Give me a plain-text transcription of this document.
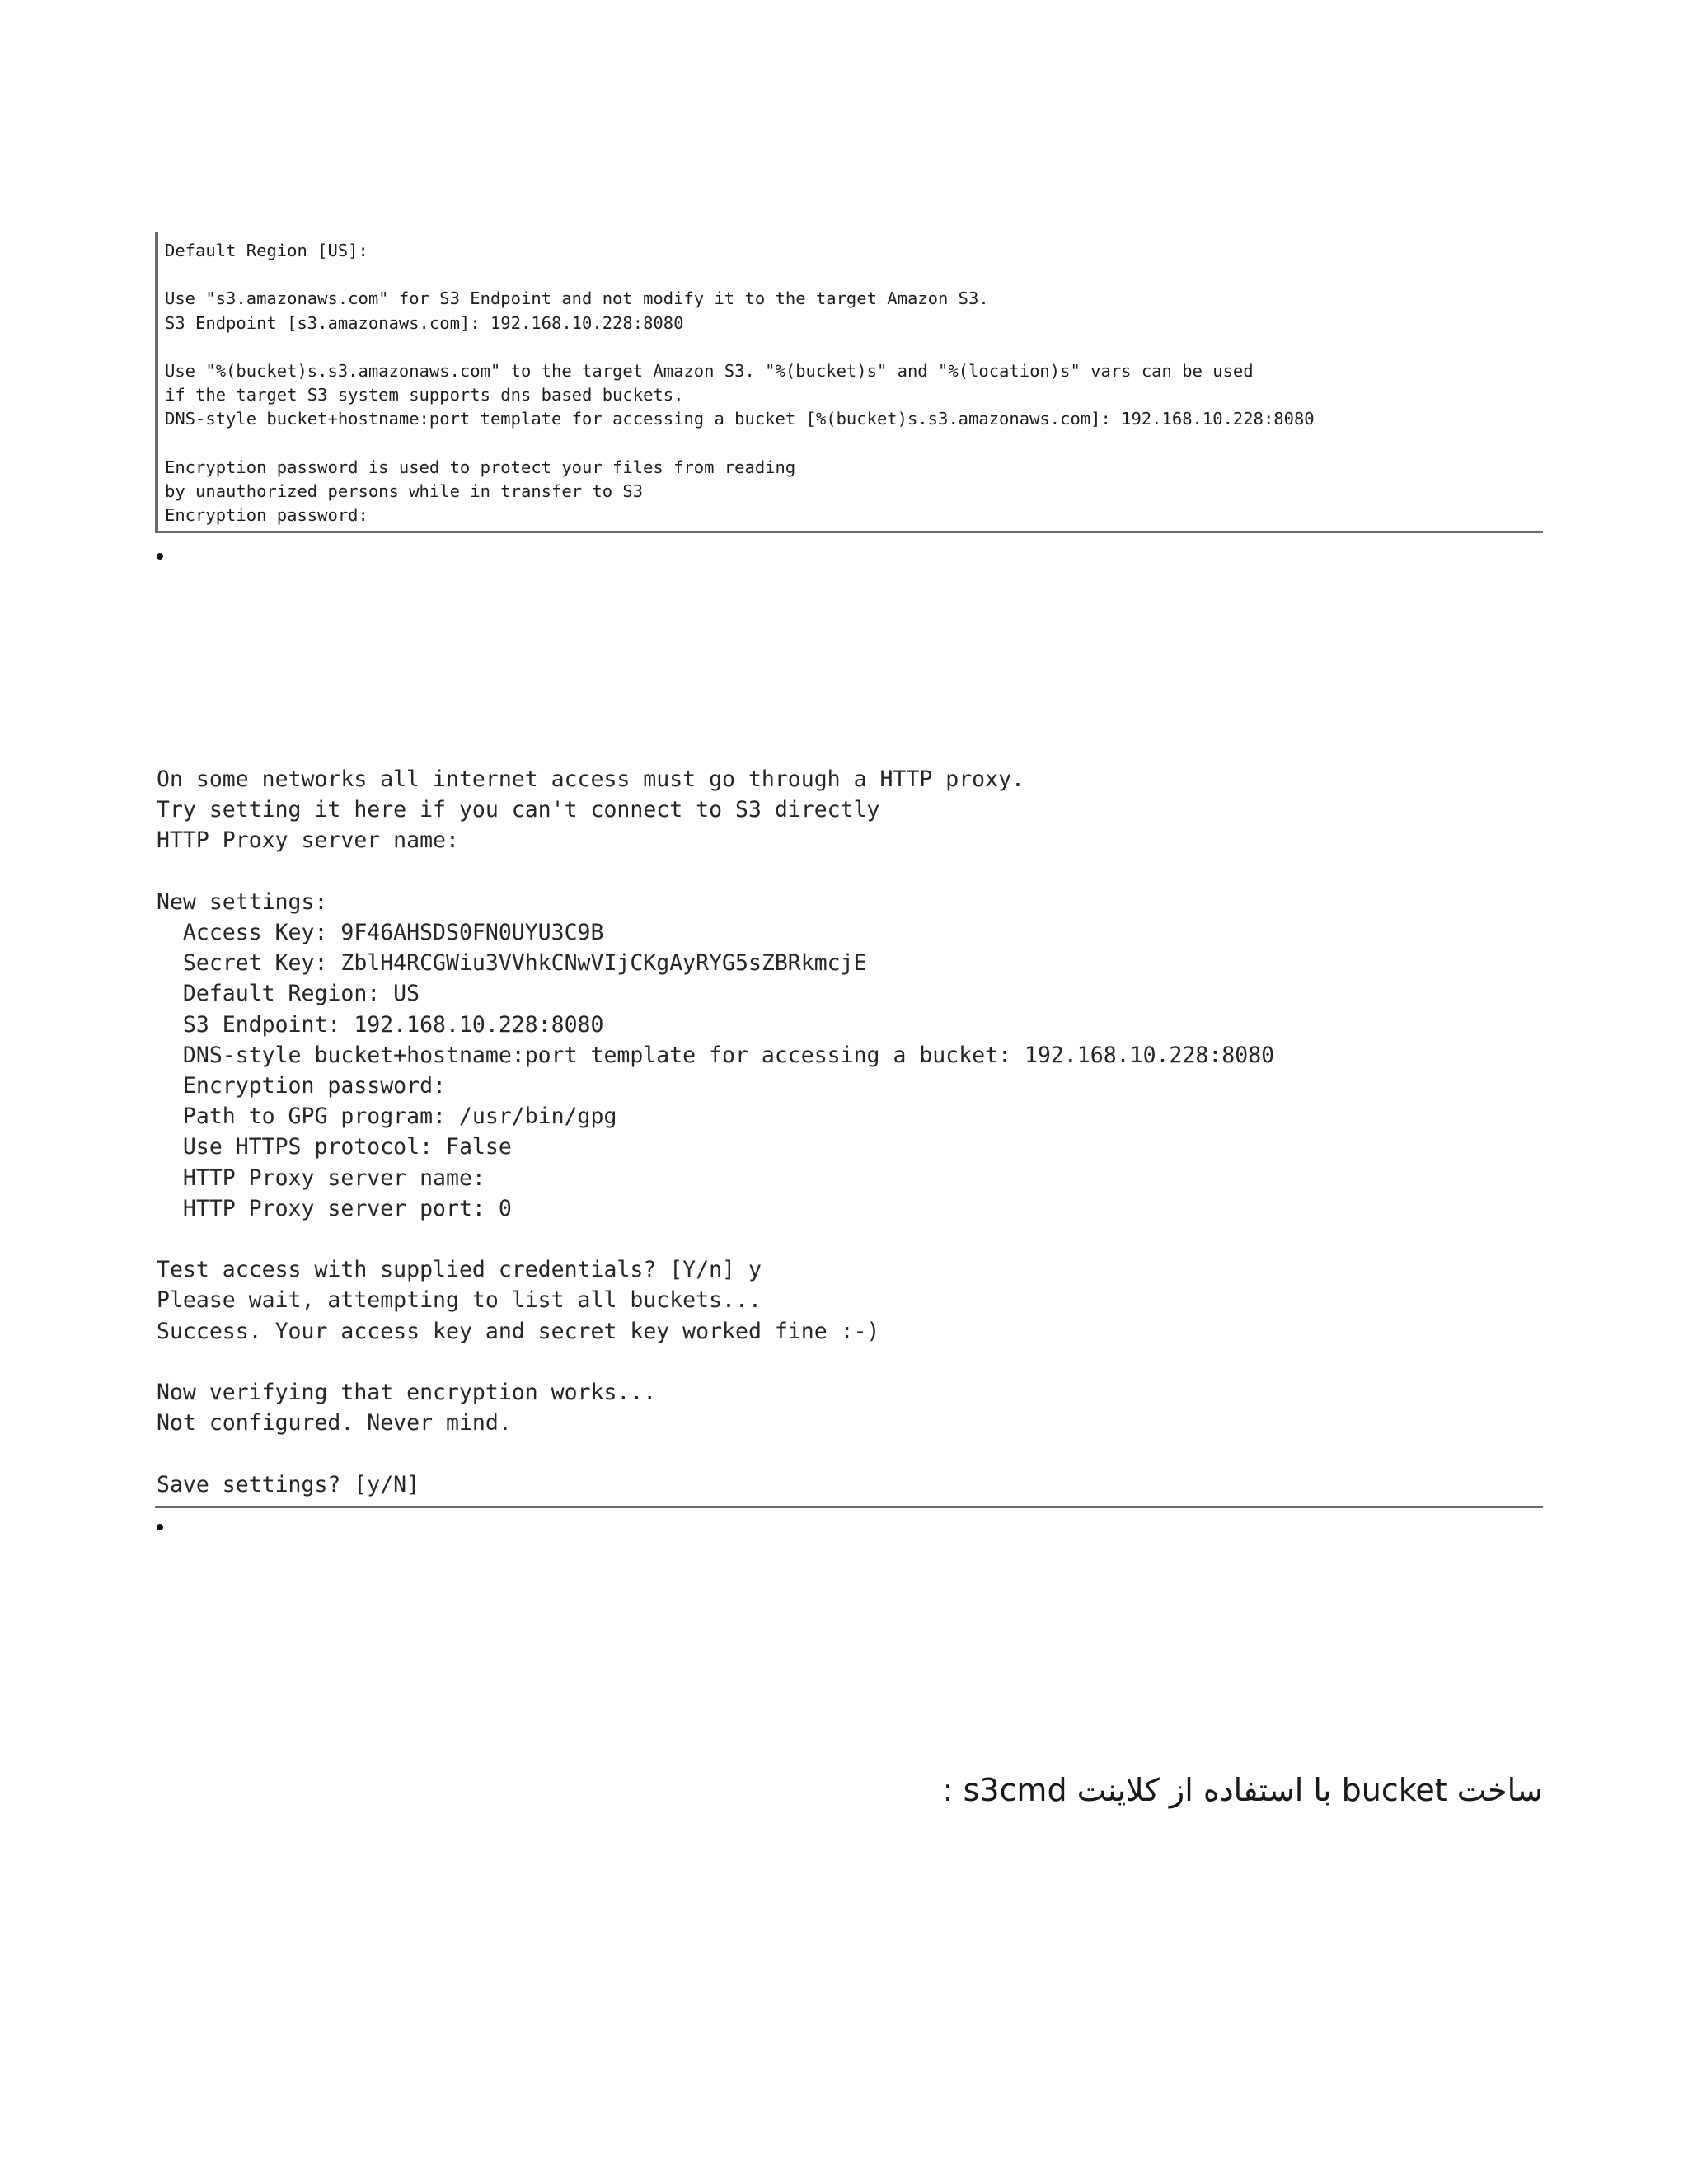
Default Region [US]:

Use "s3.amazonaws.com" for S3 Endpoint and not modify it to the target Amazon S3.
S3 Endpoint [s3.amazonaws.com]: 192.168.10.228:8080

Use "%(bucket)s.s3.amazonaws.com" to the target Amazon S3. "%(bucket)s" and "%(location)s" vars can be used
if the target S3 system supports dns based buckets.
DNS-style bucket+hostname:port template for accessing a bucket [%(bucket)s.s3.amazonaws.com]: 192.168.10.228:8080

Encryption password is used to protect your files from reading
by unauthorized persons while in transfer to S3
Encryption password:
On some networks all internet access must go through a HTTP proxy.
Try setting it here if you can't connect to S3 directly
HTTP Proxy server name:

New settings:
Access Key: 9F46AHSDS0FN0UYU3C9B
Secret Key: ZblH4RCGWiu3VVhkCNwVIjCKgAyRYG5sZBRkmcjE
Default Region: US
S3 Endpoint: 192.168.10.228:8080
DNS-style bucket+hostname:port template for accessing a bucket: 192.168.10.228:8080
Encryption password:
Path to GPG program: /usr/bin/gpg
Use HTTPS protocol: False
HTTP Proxy server name:
HTTP Proxy server port: 0

Test access with supplied credentials? [Y/n] y
Please wait, attempting to list all buckets...
Success. Your access key and secret key worked fine :-)

Now verifying that encryption works...
Not configured. Never mind.

Save settings? [y/N]
ساخت bucket با استفاده از کلاینت s3cmd :
